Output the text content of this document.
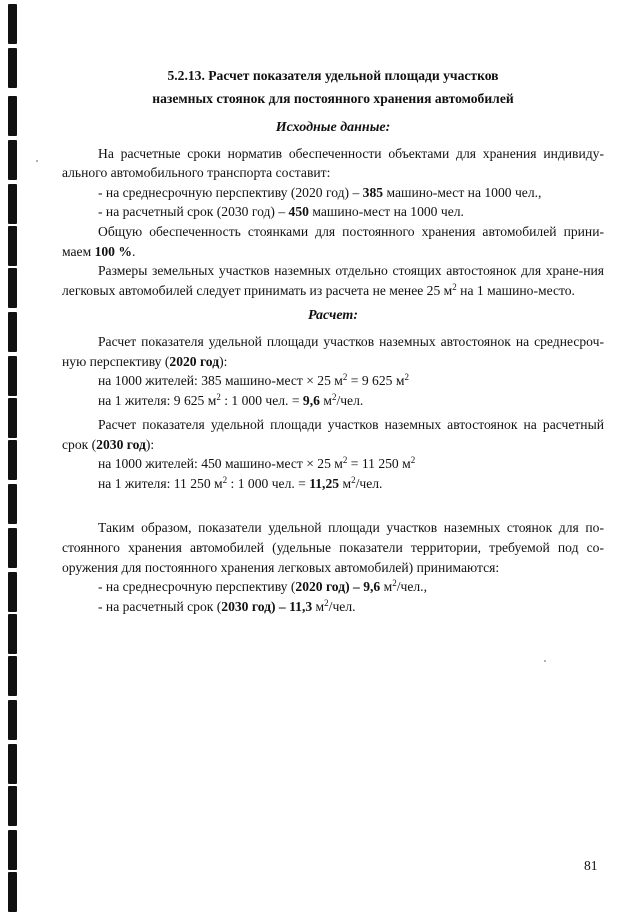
5.2.13. Расчет показателя удельной площади участков
наземных стоянок для постоянного хранения автомобилей
Исходные данные:

На расчетные сроки норматив обеспеченности объектами для хранения индивиду-ального автомобильного транспорта составит:

- на среднесрочную перспективу (2020 год) – 385 машино-мест на 1000 чел.,

- на расчетный срок (2030 год) – 450 машино-мест на 1000 чел.

Общую обеспеченность стоянками для постоянного хранения автомобилей прини-маем 100 %.

Размеры земельных участков наземных отдельно стоящих автостоянок для хране-ния легковых автомобилей следует принимать из расчета не менее 25 $м^2$ на 1 машино-место.

Расчет:

Расчет показателя удельной площади участков наземных автостоянок на среднесроч-ную перспективу (2020 год):

на 1000 жителей: 385 машино-мест × 25 $м^2 = 9$ 625 $м^2$

на 1 жителя: 9 625 $м^2$ : 1 000 чел. = 9,6 $м^2$/чел.

Расчет показателя удельной площади участков наземных автостоянок на расчетный срок (2030 год):

на 1000 жителей: 450 машино-мест × 25 $м^2 = 11$ 250 $м^2$

на 1 жителя: 11 250 $м^2$ : 1 000 чел. = 11,25 $м^2$/чел.

Таким образом, показатели удельной площади участков наземных стоянок для по-стоянного хранения автомобилей (удельные показатели территории, требуемой под со-оружения для постоянного хранения легковых автомобилей) принимаются:

- на среднесрочную перспективу (2020 год) – 9,6 $м^2$/чел.,

- на расчетный срок (2030 год) – 11,3 $м^2$/чел.

81
